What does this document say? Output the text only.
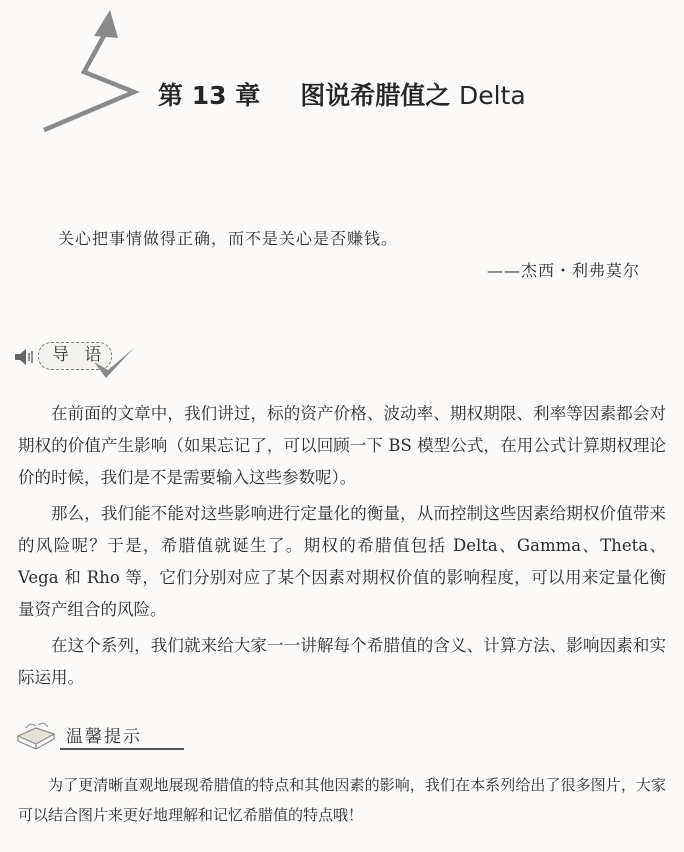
第 13 章 图说希腊值之 Delta
关心把事情做得正确，而不是关心是否赚钱。
——杰西・利弗莫尔
导 语

在前面的文章中，我们讲过，标的资产价格、波动率、期权期限、利率等因素都会对期权的价值产生影响（如果忘记了，可以回顾一下 BS 模型公式，在用公式计算期权理论价的时候，我们是不是需要输入这些参数呢）。

那么，我们能不能对这些影响进行定量化的衡量，从而控制这些因素给期权价值带来的风险呢？于是，希腊值就诞生了。期权的希腊值包括 Delta、Gamma、Theta、Vega 和 Rho 等，它们分别对应了某个因素对期权价值的影响程度，可以用来定量化衡量资产组合的风险。

在这个系列，我们就来给大家一一讲解每个希腊值的含义、计算方法、影响因素和实际运用。

温馨提示

为了更清晰直观地展现希腊值的特点和其他因素的影响，我们在本系列给出了很多图片，大家可以结合图片来更好地理解和记忆希腊值的特点哦！
